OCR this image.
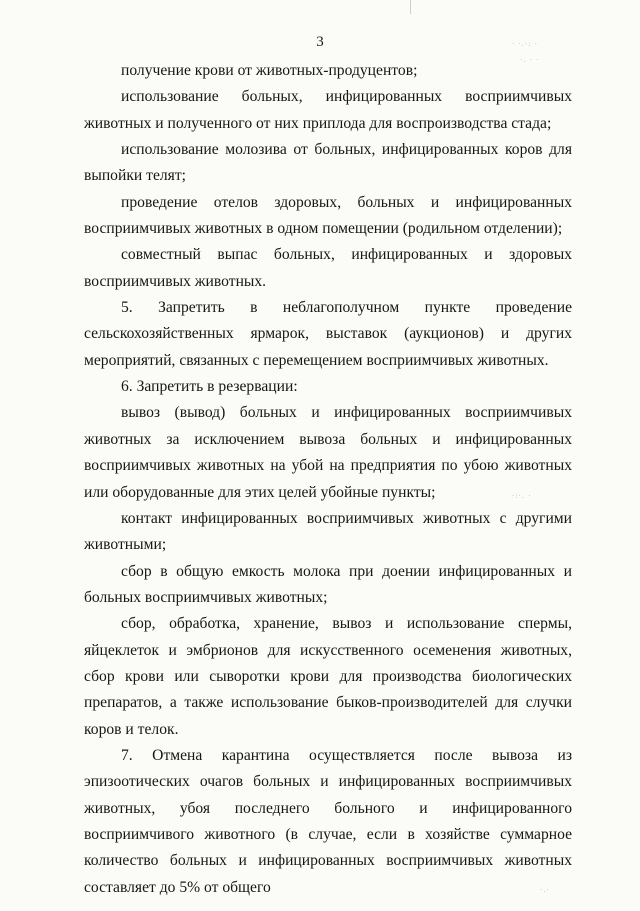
· ·.·: ·
·. · ·
·:·. ·
·.·
3

получение крови от животных-продуцентов;

использование больных, инфицированных восприимчивых животных и полученного от них приплода для воспроизводства стада;

использование молозива от больных, инфицированных коров для выпойки телят;

проведение отелов здоровых, больных и инфицированных восприимчивых животных в одном помещении (родильном отделении);

совместный выпас больных, инфицированных и здоровых восприимчивых животных.

5. Запретить в неблагополучном пункте проведение сельскохозяйственных ярмарок, выставок (аукционов) и других мероприятий, связанных с перемещением восприимчивых животных.

6. Запретить в резервации:

вывоз (вывод) больных и инфицированных восприимчивых животных за исключением вывоза больных и инфицированных восприимчивых животных на убой на предприятия по убою животных или оборудованные для этих целей убойные пункты;

контакт инфицированных восприимчивых животных с другими животными;

сбор в общую емкость молока при доении инфицированных и больных восприимчивых животных;

сбор, обработка, хранение, вывоз и использование спермы, яйцеклеток и эмбрионов для искусственного осеменения животных, сбор крови или сыворотки крови для производства биологических препаратов, а также использование быков-производителей для случки коров и телок.

7. Отмена карантина осуществляется после вывоза из эпизоотических очагов больных и инфицированных восприимчивых животных, убоя последнего больного и инфицированного восприимчивого животного (в случае, если в хозяйстве суммарное количество больных и инфицированных восприимчивых животных составляет до 5% от общего
